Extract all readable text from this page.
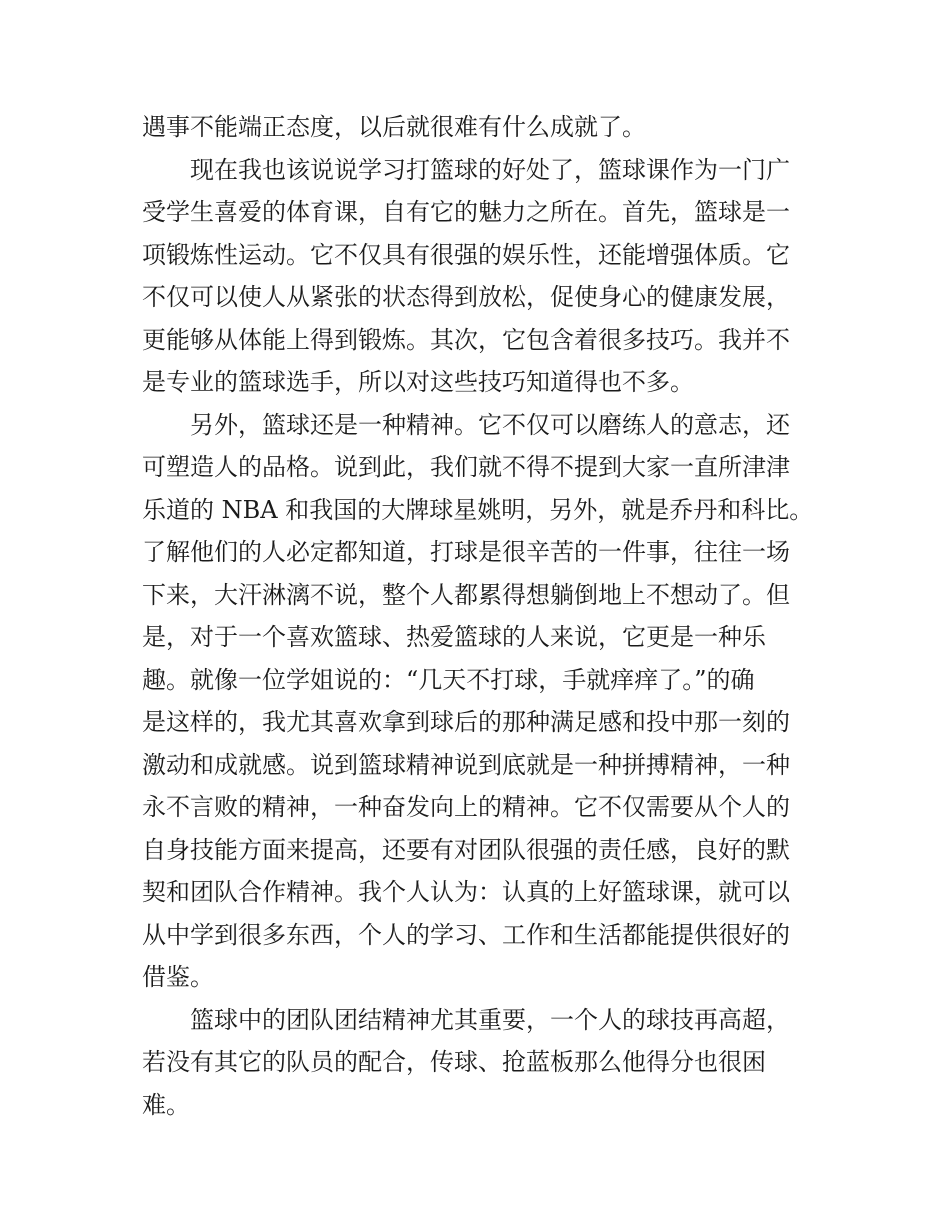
遇事不能端正态度，以后就很难有什么成就了。
现在我也该说说学习打篮球的好处了，篮球课作为一门广
受学生喜爱的体育课，自有它的魅力之所在。首先，篮球是一
项锻炼性运动。它不仅具有很强的娱乐性，还能增强体质。它
不仅可以使人从紧张的状态得到放松，促使身心的健康发展，
更能够从体能上得到锻炼。其次，它包含着很多技巧。我并不
是专业的篮球选手，所以对这些技巧知道得也不多。
另外，篮球还是一种精神。它不仅可以磨练人的意志，还
可塑造人的品格。说到此，我们就不得不提到大家一直所津津
乐道的 NBA 和我国的大牌球星姚明，另外，就是乔丹和科比。
了解他们的人必定都知道，打球是很辛苦的一件事，往往一场
下来，大汗淋漓不说，整个人都累得想躺倒地上不想动了。但
是，对于一个喜欢篮球、热爱篮球的人来说，它更是一种乐
趣。就像一位学姐说的：“几天不打球，手就痒痒了。”的确
是这样的，我尤其喜欢拿到球后的那种满足感和投中那一刻的
激动和成就感。说到篮球精神说到底就是一种拼搏精神，一种
永不言败的精神，一种奋发向上的精神。它不仅需要从个人的
自身技能方面来提高，还要有对团队很强的责任感，良好的默
契和团队合作精神。我个人认为：认真的上好篮球课，就可以
从中学到很多东西，个人的学习、工作和生活都能提供很好的
借鉴。
篮球中的团队团结精神尤其重要，一个人的球技再高超，
若没有其它的队员的配合，传球、抢蓝板那么他得分也很困
难。
